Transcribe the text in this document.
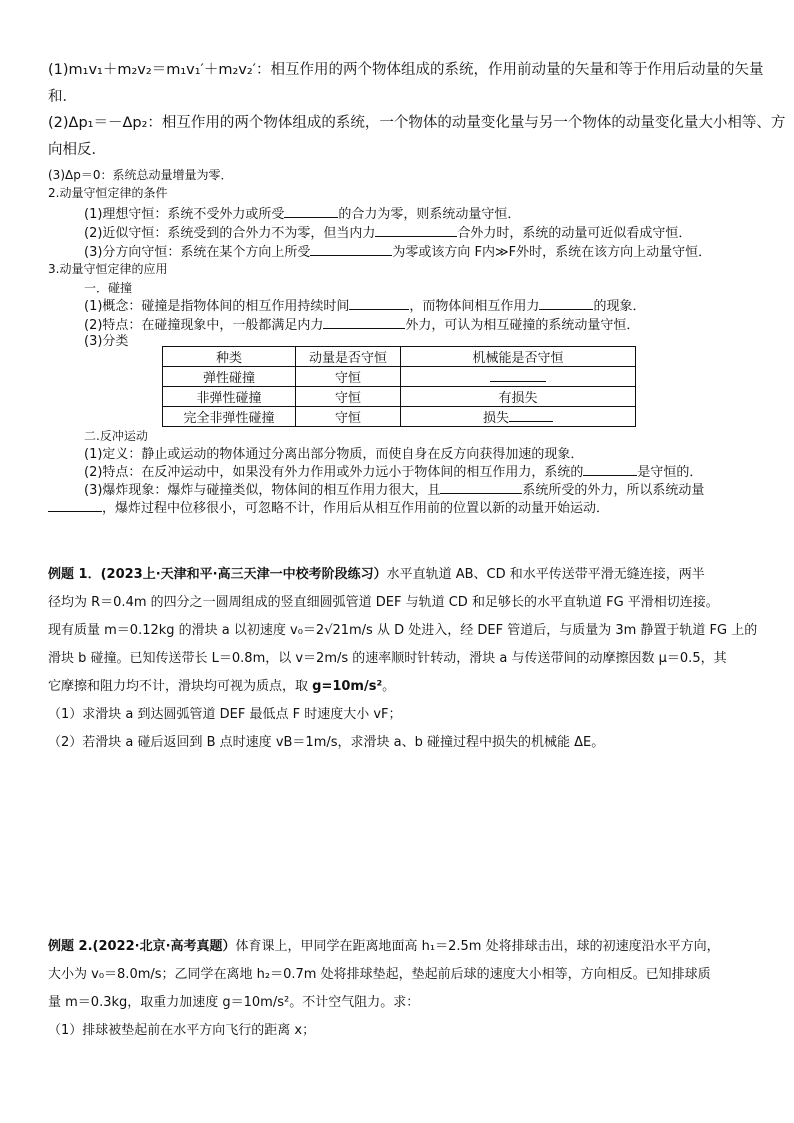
(1)m₁v₁＋m₂v₂＝m₁v₁′＋m₂v₂′：相互作用的两个物体组成的系统，作用前动量的矢量和等于作用后动量的矢量
和．
(2)Δp₁＝－Δp₂：相互作用的两个物体组成的系统，一个物体的动量变化量与另一个物体的动量变化量大小相等、方
向相反．
(3)Δp＝0：系统总动量增量为零．
2.动量守恒定律的条件
(1)理想守恒：系统不受外力或所受	的合力为零，则系统动量守恒．
(2)近似守恒：系统受到的合外力不为零，但当内力	合外力时，系统的动量可近似看成守恒．
(3)分方向守恒：系统在某个方向上所受	为零或该方向 F内≫F外时，系统在该方向上动量守恒．
3.动量守恒定律的应用
一．碰撞
(1)概念：碰撞是指物体间的相互作用持续时间	，而物体间相互作用力	的现象．
(2)特点：在碰撞现象中，一般都满足内力	外力，可认为相互碰撞的系统动量守恒．
(3)分类
种类	动量是否守恒	机械能是否守恒
弹性碰撞	守恒	
非弹性碰撞	守恒	有损失
完全非弹性碰撞	守恒	损失
二.反冲运动
(1)定义：静止或运动的物体通过分离出部分物质，而使自身在反方向获得加速的现象．
(2)特点：在反冲运动中，如果没有外力作用或外力远小于物体间的相互作用力，系统的	是守恒的．
(3)爆炸现象：爆炸与碰撞类似，物体间的相互作用力很大，且	系统所受的外力，所以系统动量
，爆炸过程中位移很小，可忽略不计，作用后从相互作用前的位置以新的动量开始运动．
例题 1．(2023上·天津和平·高三天津一中校考阶段练习）水平直轨道 AB、CD 和水平传送带平滑无缝连接，两半
径均为 R＝0.4m 的四分之一圆周组成的竖直细圆弧管道 DEF 与轨道 CD 和足够长的水平直轨道 FG 平滑相切连接。
现有质量 m＝0.12kg 的滑块 a 以初速度 v₀＝2√21m/s 从 D 处进入，经 DEF 管道后，与质量为 3m 静置于轨道 FG 上的
滑块 b 碰撞。已知传送带长 L＝0.8m，以 v＝2m/s 的速率顺时针转动，滑块 a 与传送带间的动摩擦因数 μ＝0.5，其
它摩擦和阻力均不计，滑块均可视为质点，取 g=10m/s²。
（1）求滑块 a 到达圆弧管道 DEF 最低点 F 时速度大小 vF；
（2）若滑块 a 碰后返回到 B 点时速度 vB＝1m/s，求滑块 a、b 碰撞过程中损失的机械能 ΔE。
例题 2.(2022·北京·高考真题）体育课上，甲同学在距离地面高 h₁＝2.5m 处将排球击出，球的初速度沿水平方向，
大小为 v₀＝8.0m/s；乙同学在离地 h₂＝0.7m 处将排球垫起，垫起前后球的速度大小相等，方向相反。已知排球质
量 m＝0.3kg，取重力加速度 g＝10m/s²。不计空气阻力。求：
（1）排球被垫起前在水平方向飞行的距离 x；
